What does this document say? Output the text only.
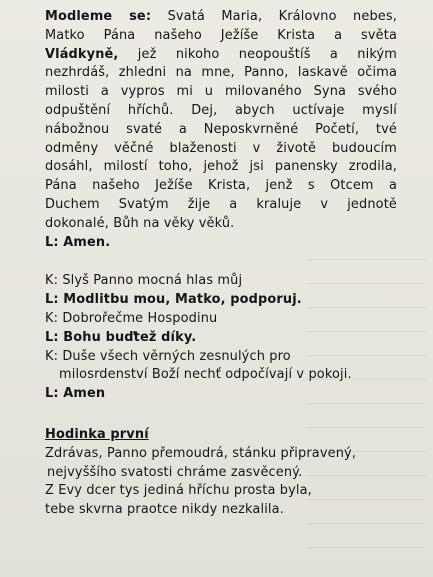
Modleme se: Svatá Maria, Královno nebes,
Matko Pána našeho Ježíše Krista a světa
Vládkyně, jež nikoho neopouštíš a nikým
nezhrdáš, zhledni na mne, Panno, laskavě očima
milosti a vypros mi u milovaného Syna svého
odpuštění hříchů. Dej, abych uctívaje myslí
nábožnou svaté a Neposkvrněné Početí, tvé
odměny věčné blaženosti v životě budoucím
dosáhl, milostí toho, jehož jsi panensky zrodila,
Pána našeho Ježíše Krista, jenž s Otcem a
Duchem Svatým žije a kraluje v jednotě
dokonalé, Bůh na věky věků.
L: Amen.
K: Slyš Panno mocná hlas můj
L: Modlitbu mou, Matko, podporuj.
K: Dobrořečme Hospodinu
L: Bohu buďtež díky.
K: Duše všech věrných zesnulých pro
milosrdenství Boží nechť odpočívají v pokoji.
L: Amen
Hodinka první
Zdrávas, Panno přemoudrá, stánku připravený,
nejvyššího svatosti chráme zasvěcený.
Z Evy dcer tys jediná hříchu prosta byla,
tebe skvrna praotce nikdy nezkalila.
